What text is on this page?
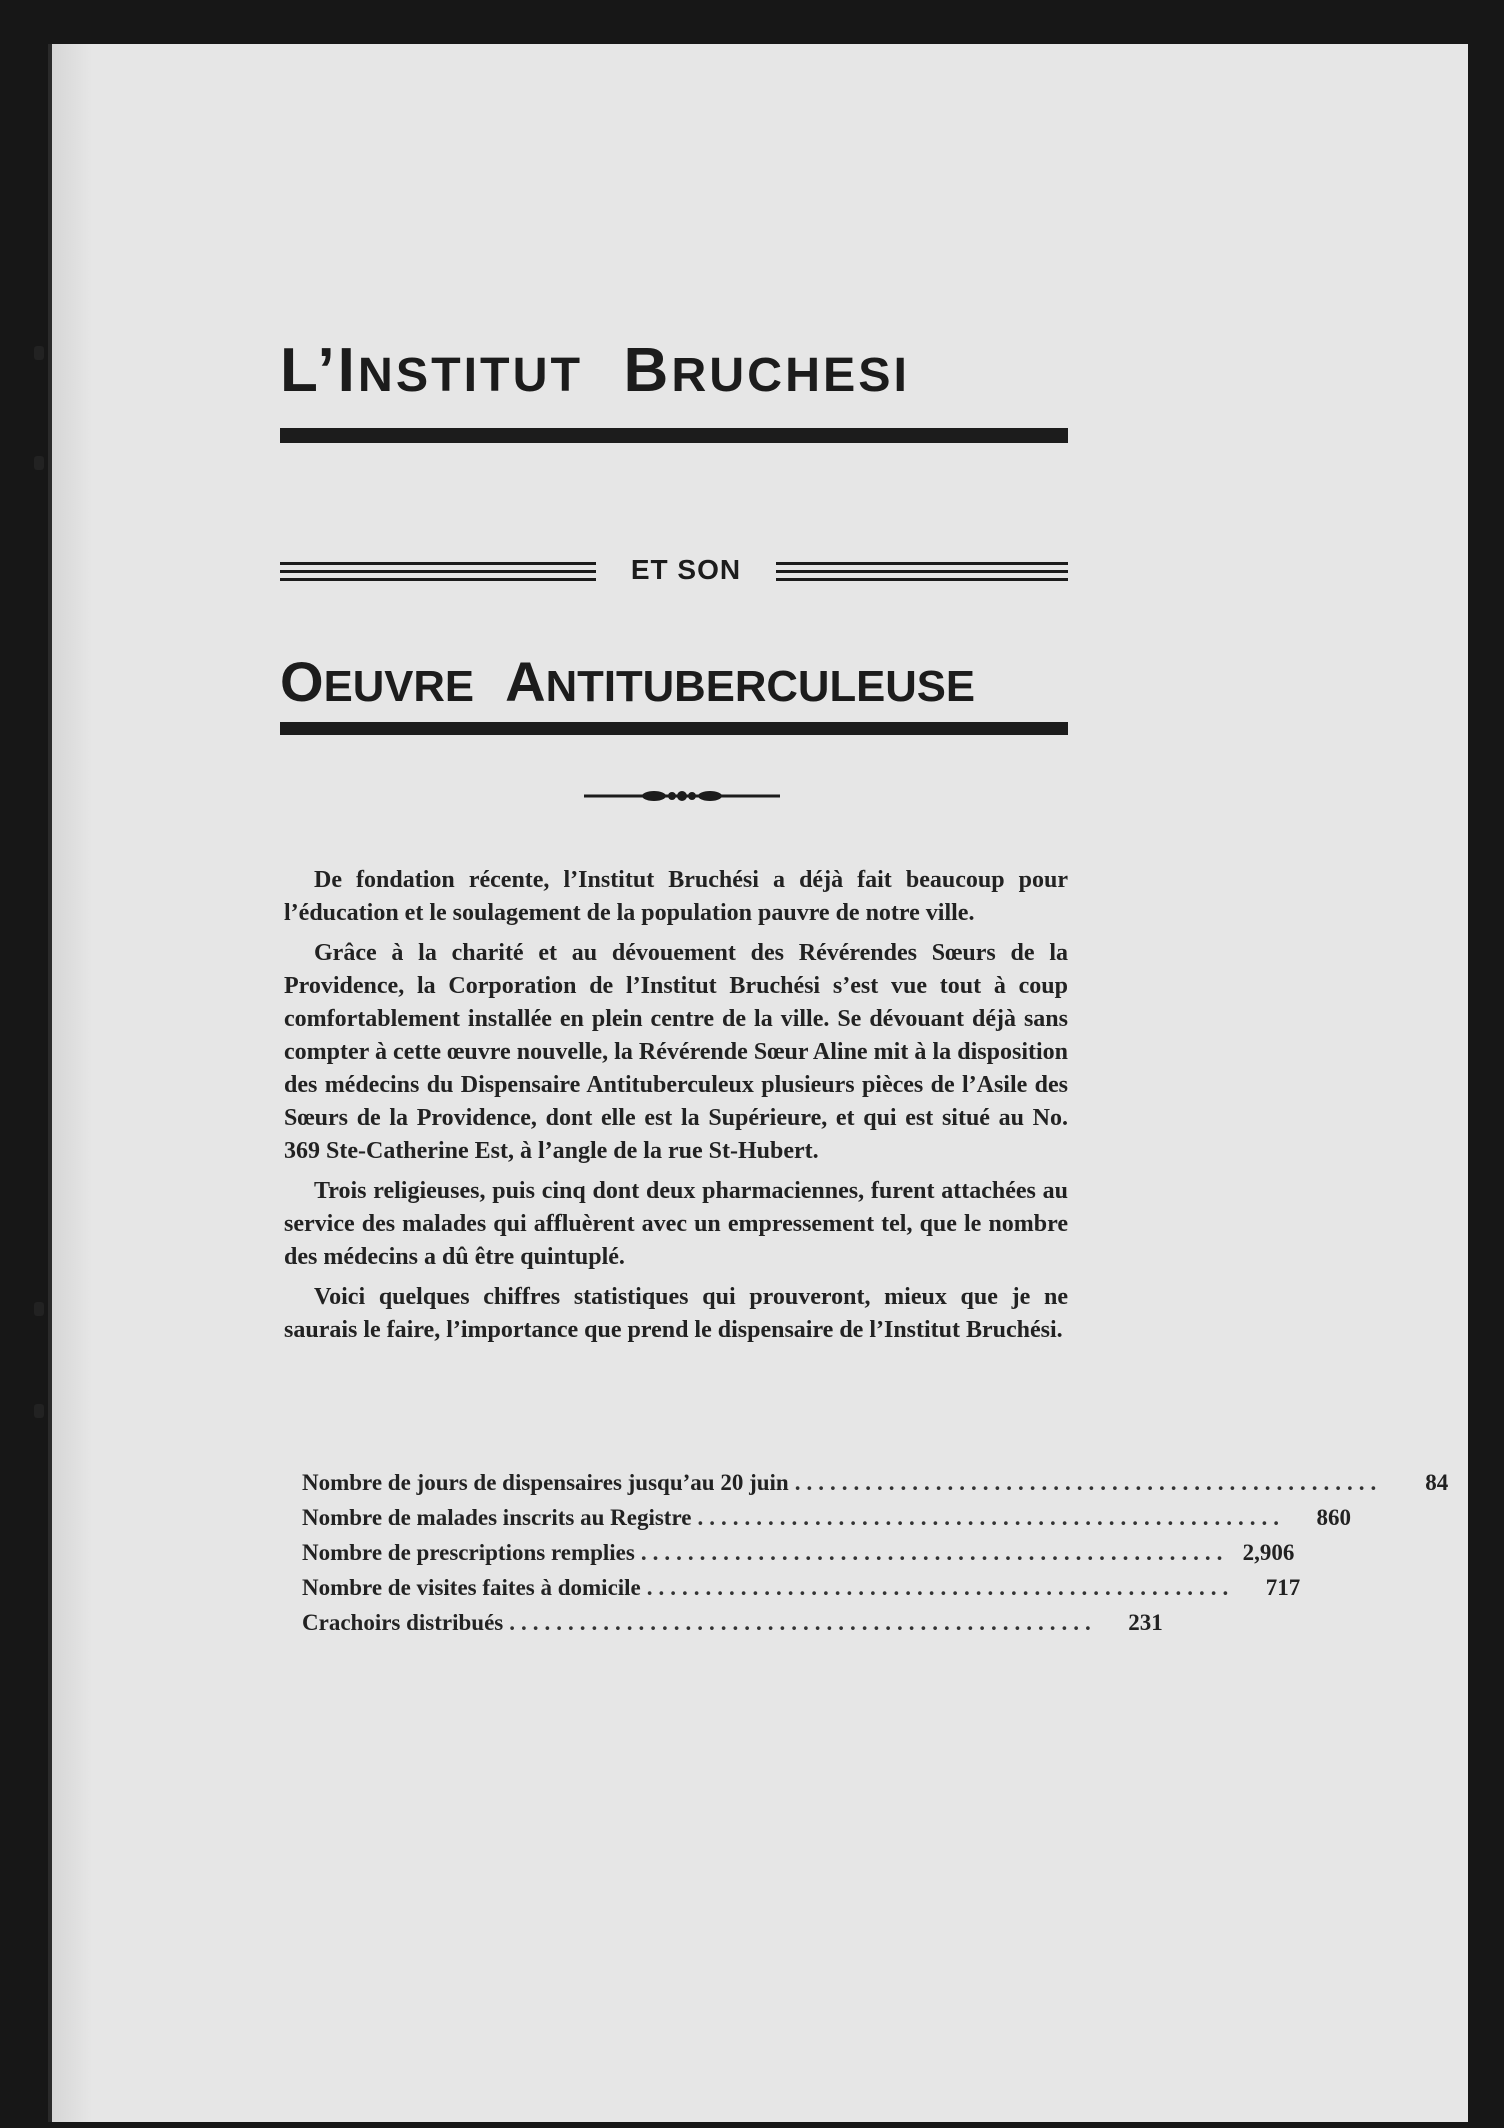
L’INSTITUT BRUCHESI
ET SON
OEUVRE ANTITUBERCULEUSE

De fondation récente, l’Institut Bruchési a déjà fait beaucoup pour l’éducation et le soulagement de la population pauvre de notre ville.

Grâce à la charité et au dévouement des Révérendes Sœurs de la Providence, la Corporation de l’Institut Bruchési s’est vue tout à coup comfortablement installée en plein centre de la ville. Se dévouant déjà sans compter à cette œuvre nouvelle, la Révérende Sœur Aline mit à la disposition des médecins du Dispensaire Antituberculeux plusieurs pièces de l’Asile des Sœurs de la Providence, dont elle est la Supérieure, et qui est situé au No. 369 Ste-Catherine Est, à l’angle de la rue St-Hubert.

Trois religieuses, puis cinq dont deux pharmaciennes, furent attachées au service des malades qui affluèrent avec un empressement tel, que le nombre des médecins a dû être quintuplé.

Voici quelques chiffres statistiques qui prouveront, mieux que je ne saurais le faire, l’importance que prend le dispensaire de l’Institut Bruchési.

Nombre de jours de dispensaires jusqu’au 20 juin ..................................................	84
Nombre de malades inscrits au Registre ..................................................	860
Nombre de prescriptions remplies .................................................. 2,906
Nombre de visites faites à domicile ..................................................	717
Crachoirs distribués ..................................................	231
